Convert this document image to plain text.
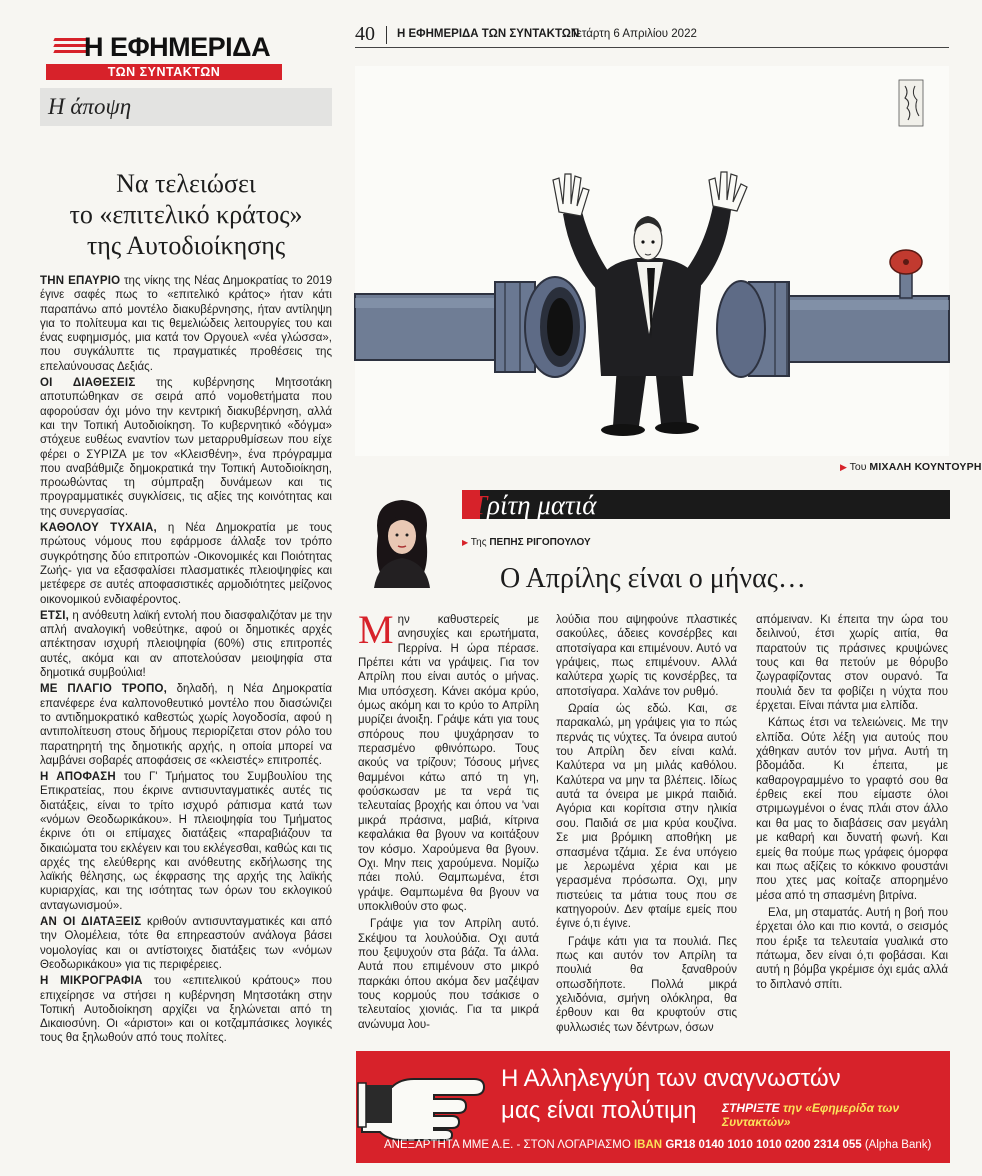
Η ΕΦΗΜΕΡΙΔΑ
ΤΩΝ ΣΥΝΤΑΚΤΩΝ
Η άποψη
Να τελειώσει
το «επιτελικό κράτος»
της Αυτοδιοίκησης

ΤΗΝ ΕΠΑΥΡΙΟ της νίκης της Νέας Δημοκρατίας το 2019 έγινε σαφές πως το «επιτελικό κράτος» ήταν κάτι παραπάνω από μοντέλο διακυβέρνησης, ήταν αντίληψη για το πολίτευμα και τις θεμελιώδεις λειτουργίες του και ένας ευφημισμός, μια κατά τον Οργουελ «νέα γλώσσα», που συγκάλυπτε τις πραγματικές προθέσεις της επελαύνουσας Δεξιάς.

ΟΙ ΔΙΑΘΕΣΕΙΣ της κυβέρνησης Μητσοτάκη αποτυπώθηκαν σε σειρά από νομοθετήματα που αφορούσαν όχι μόνο την κεντρική διακυβέρνηση, αλλά και την Τοπική Αυτοδιοίκηση. Το κυβερνητικό «δόγμα» στόχευε ευθέως εναντίον των μεταρρυθμίσεων που είχε φέρει ο ΣΥΡΙΖΑ με τον «Κλεισθένη», ένα πρόγραμμα που αναβάθμιζε δημοκρατικά την Τοπική Αυτοδιοίκηση, προωθώντας τη σύμπραξη δυνάμεων και τις προγραμματικές συγκλίσεις, τις αξίες της κοινότητας και της συνεργασίας.

ΚΑΘΟΛΟΥ ΤΥΧΑΙΑ, η Νέα Δημοκρατία με τους πρώτους νόμους που εφάρμοσε άλλαξε τον τρόπο συγκρότησης δύο επιτροπών -Οικονομικές και Ποιότητας Ζωής- για να εξασφαλίσει πλασματικές πλειοψηφίες και μετέφερε σε αυτές αποφασιστικές αρμοδιότητες μείζονος οικονομικού ενδιαφέροντος.

ΕΤΣΙ, η ανόθευτη λαϊκή εντολή που διασφαλιζόταν με την απλή αναλογική νοθεύτηκε, αφού οι δημοτικές αρχές απέκτησαν ισχυρή πλειοψηφία (60%) στις επιτροπές αυτές, ακόμα και αν αποτελούσαν μειοψηφία στα δημοτικά συμβούλια!

ΜΕ ΠΛΑΓΙΟ ΤΡΟΠΟ, δηλαδή, η Νέα Δημοκρατία επανέφερε ένα καλπονοθευτικό μοντέλο που διασώνιζει το αντιδημοκρατικό καθεστώς χωρίς λογοδοσία, αφού η αντιπολίτευση στους δήμους περιορίζεται στον ρόλο του παρατηρητή της δημοτικής αρχής, η οποία μπορεί να λαμβάνει σοβαρές αποφάσεις σε «κλειστές» επιτροπές.

Η ΑΠΟΦΑΣΗ του Γ' Τμήματος του Συμβουλίου της Επικρατείας, που έκρινε αντισυνταγματικές αυτές τις διατάξεις, είναι το τρίτο ισχυρό ράπισμα κατά των «νόμων Θεοδωρικάκου». Η πλειοψηφία του Τμήματος έκρινε ότι οι επίμαχες διατάξεις «παραβιάζουν τα δικαιώματα του εκλέγειν και του εκλέγεσθαι, καθώς και τις αρχές της ελεύθερης και ανόθευτης εκδήλωσης της λαϊκής θέλησης, ως έκφρασης της αρχής της λαϊκής κυριαρχίας, και της ισότητας των όρων του εκλογικού ανταγωνισμού».

ΑΝ ΟΙ ΔΙΑΤΑΞΕΙΣ κριθούν αντισυνταγματικές και από την Ολομέλεια, τότε θα επηρεαστούν ανάλογα βάσει νομολογίας και οι αντίστοιχες διατάξεις των «νόμων Θεοδωρικάκου» για τις περιφέρειες.

Η ΜΙΚΡΟΓΡΑΦΙΑ του «επιτελικού κράτους» που επιχείρησε να στήσει η κυβέρνηση Μητσοτάκη στην Τοπική Αυτοδιοίκηση αρχίζει να ξηλώνεται από τη Δικαιοσύνη. Οι «άριστοι» και οι κοτζαμπάσικες λογικές τους θα ξηλωθούν από τους πολίτες.

40 Η ΕΦΗΜΕΡΙΔΑ ΤΩΝ ΣΥΝΤΑΚΤΩΝ
Τετάρτη 6 Απριλίου 2022
▶ Του ΜΙΧΑΛΗ ΚΟΥΝΤΟΥΡΗ
Τρίτη ματιά
▶ Της ΠΕΠΗΣ ΡΙΓΟΠΟΥΛΟΥ
Ο Απρίλης είναι ο μήνας…

Μην καθυστερείς με ανησυχίες και ερωτήματα, Περρίνα. Η ώρα πέρασε. Πρέπει κάτι να γράψεις. Για τον Απρίλη που είναι αυτός ο μήνας. Μια υπόσχεση. Κάνει ακόμα κρύο, όμως ακόμη και το κρύο το Απρίλη μυρίζει άνοιξη. Γράψε κάτι για τους σπόρους που ψυχάρησαν το περασμένο φθινόπωρο. Τους ακούς να τρίζουν; Τόσους μήνες θαμμένοι κάτω από τη γη, φούσκωσαν με τα νερά τις τελευταίας βροχής και όπου να 'ναι μικρά πράσινα, μαβιά, κίτρινα κεφαλάκια θα βγουν να κοιτάξουν τον κόσμο. Χαρούμενα θα βγουν. Οχι. Μην πεις χαρούμενα. Νομίζω πάει πολύ. Θαμπωμένα, έτσι γράψε. Θαμπωμένα θα βγουν να υποκλιθούν στο φως.

Γράψε για τον Απρίλη αυτό. Σκέψου τα λουλούδια. Οχι αυτά που ξεψυχούν στα βάζα. Τα άλλα. Αυτά που επιμένουν στο μικρό παρκάκι όπου ακόμα δεν μαζέψαν τους κορμούς που τσάκισε ο τελευταίος χιονιάς. Για τα μικρά ανώνυμα λου-

λούδια που αψηφούνε πλαστικές σακούλες, άδειες κονσέρβες και αποτσίγαρα και επιμένουν. Αυτό να γράψεις, πως επιμένουν. Αλλά καλύτερα χωρίς τις κονσέρβες, τα αποτσίγαρα. Χαλάνε τον ρυθμό.

Ωραία ώς εδώ. Και, σε παρακαλώ, μη γράψεις για το πώς περνάς τις νύχτες. Τα όνειρα αυτού του Απρίλη δεν είναι καλά. Καλύτερα να μη μιλάς καθόλου. Καλύτερα να μην τα βλέπεις. Ιδίως αυτά τα όνειρα με μικρά παιδιά. Αγόρια και κορίτσια στην ηλικία σου. Παιδιά σε μια κρύα κουζίνα. Σε μια βρόμικη αποθήκη με σπασμένα τζάμια. Σε ένα υπόγειο με λερωμένα χέρια και με γερασμένα πρόσωπα. Οχι, μην πιστεύεις τα μάτια τους που σε κατηγορούν. Δεν φταίμε εμείς που έγινε ό,τι έγινε.

Γράψε κάτι για τα πουλιά. Πες πως και αυτόν τον Απρίλη τα πουλιά θα ξαναθρούν οπωσδήποτε. Πολλά μικρά χελιδόνια, σμήνη ολόκληρα, θα έρθουν και θα κρυφτούν στις φυλλωσιές των δέντρων, όσων

απόμειναν. Κι έπειτα την ώρα του δειλινού, έτσι χωρίς αιτία, θα παρατούν τις πράσινες κρυψώνες τους και θα πετούν με θόρυβο ζωγραφίζοντας στον ουρανό. Τα πουλιά δεν τα φοβίζει η νύχτα που έρχεται. Είναι πάντα μια ελπίδα.

Κάπως έτσι να τελειώνεις. Με την ελπίδα. Ούτε λέξη για αυτούς που χάθηκαν αυτόν τον μήνα. Αυτή τη βδομάδα. Κι έπειτα, με καθαρογραμμένο το γραφτό σου θα έρθεις εκεί που είμαστε όλοι στριμωγμένοι ο ένας πλάι στον άλλο και θα μας το διαβάσεις σαν μεγάλη με καθαρή και δυνατή φωνή. Και εμείς θα πούμε πως γράφεις όμορφα και πως αξίζεις το κόκκινο φουστάνι που χτες μας κοίταζε απορημένο μέσα από τη σπασμένη βιτρίνα.

Ελα, μη σταματάς. Αυτή η βοή που έρχεται όλο και πιο κοντά, ο σεισμός που έριξε τα τελευταία γυαλικά στο πάτωμα, δεν είναι ό,τι φοβάσαι. Και αυτή η βόμβα γκρέμισε όχι εμάς αλλά το διπλανό σπίτι.

Η Αλληλεγγύη των αναγνωστών
μας είναι πολύτιμη ΣΤΗΡΙΞΤΕ την «Εφημερίδα των Συντακτών»
ΑΝΕΞΑΡΤΗΤΑ ΜΜΕ Α.Ε. - ΣΤΟΝ ΛΟΓΑΡΙΑΣΜΟ IBAN GR18 0140 1010 1010 0200 2314 055 (Alpha Bank)
